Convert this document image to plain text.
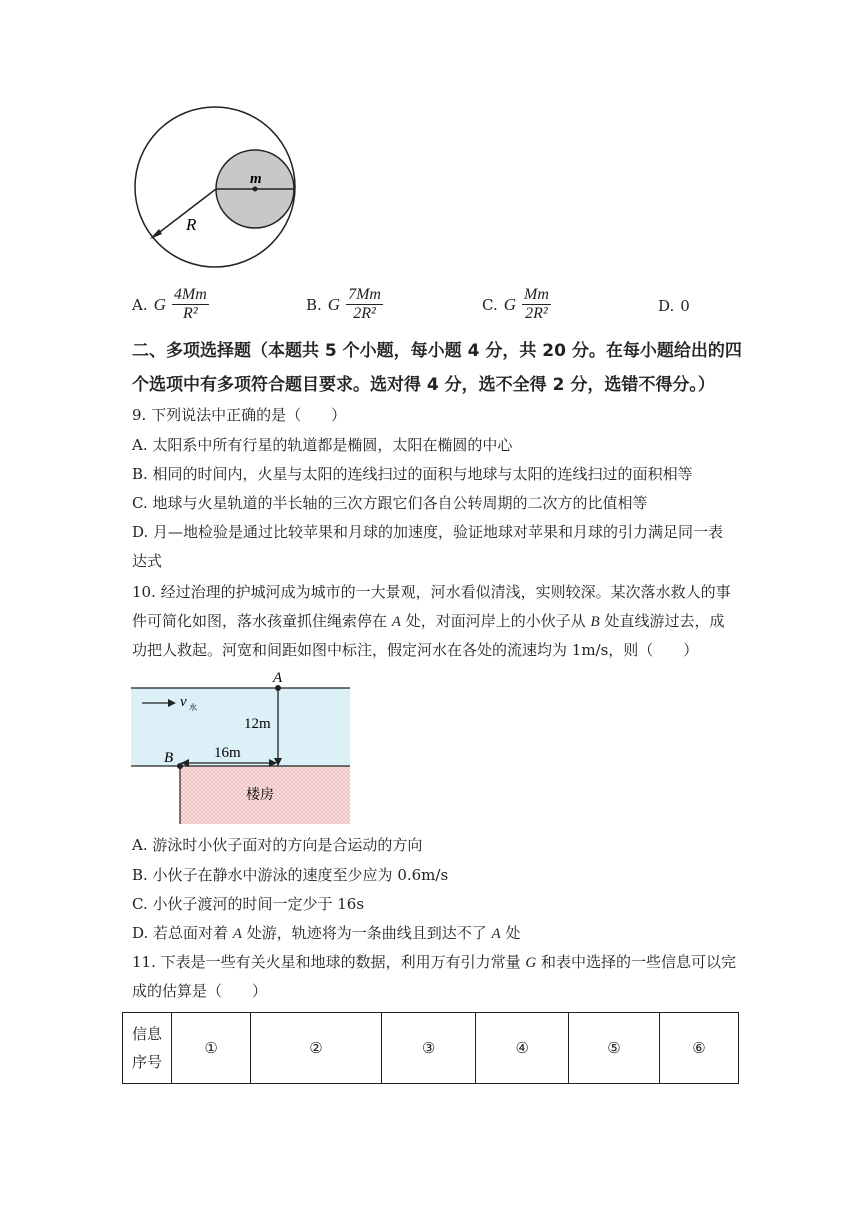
m
R
A. G $\frac{4Mm}{\text{R²}}$	B. G $\frac{7Mm}{\text{2R²}}$	C. G $\frac{Mm}{\text{2R²}}$	D. 0
二、多项选择题（本题共 5 个小题，每小题 4 分，共 20 分。在每小题给出的四
个选项中有多项符合题目要求。选对得 4 分，选不全得 2 分，选错不得分。）
9. 下列说法中正确的是（　　）
A. 太阳系中所有行星的轨道都是椭圆，太阳在椭圆的中心
B. 相同的时间内，火星与太阳的连线扫过的面积与地球与太阳的连线扫过的面积相等
C. 地球与火星轨道的半长轴的三次方跟它们各自公转周期的二次方的比值相等
D. 月—地检验是通过比较苹果和月球的加速度，验证地球对苹果和月球的引力满足同一表
达式
10. 经过治理的护城河成为城市的一大景观，河水看似清浅，实则较深。某次落水救人的事
件可简化如图，落水孩童抓住绳索停在 A 处，对面河岸上的小伙子从 B 处直线游过去，成
功把人救起。河宽和间距如图中标注，假定河水在各处的流速均为 1m/s，则（　　）
v 水
A
12m
16m
B
楼房
A. 游泳时小伙子面对的方向是合运动的方向
B. 小伙子在静水中游泳的速度至少应为 0.6m/s
C. 小伙子渡河的时间一定少于 16s
D. 若总面对着 A 处游，轨迹将为一条曲线且到达不了 A 处
11. 下表是一些有关火星和地球的数据，利用万有引力常量 G 和表中选择的一些信息可以完
成的估算是（　　）
信息
序号
	①	②	③	④	⑤	⑥
